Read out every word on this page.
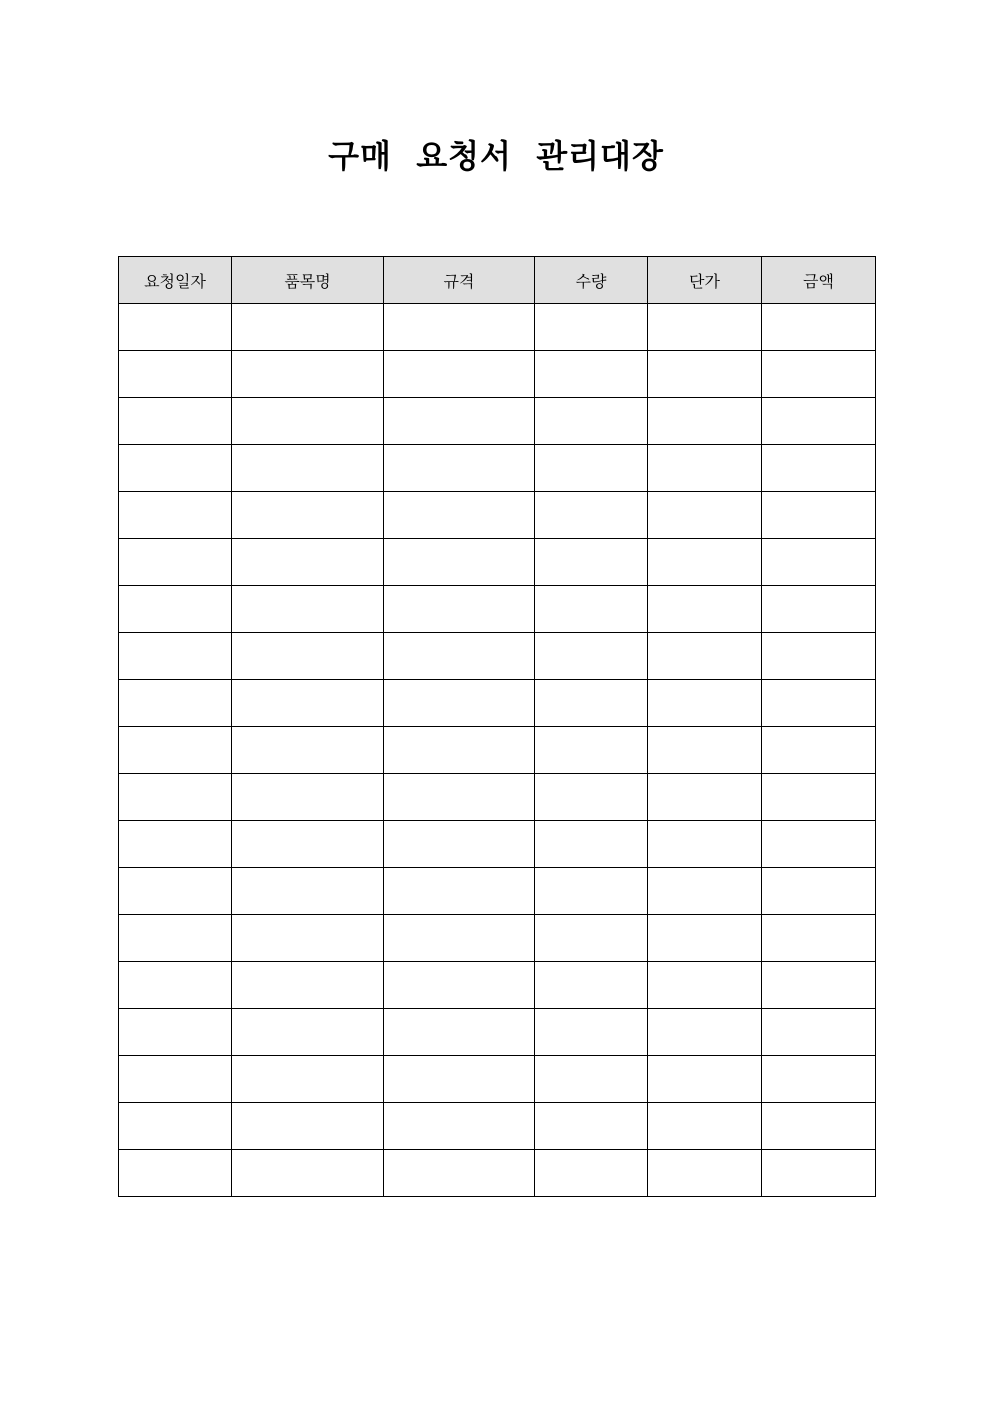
구매  요청서  관리대장
요청일자	품목명	규격	수량	단가	금액
